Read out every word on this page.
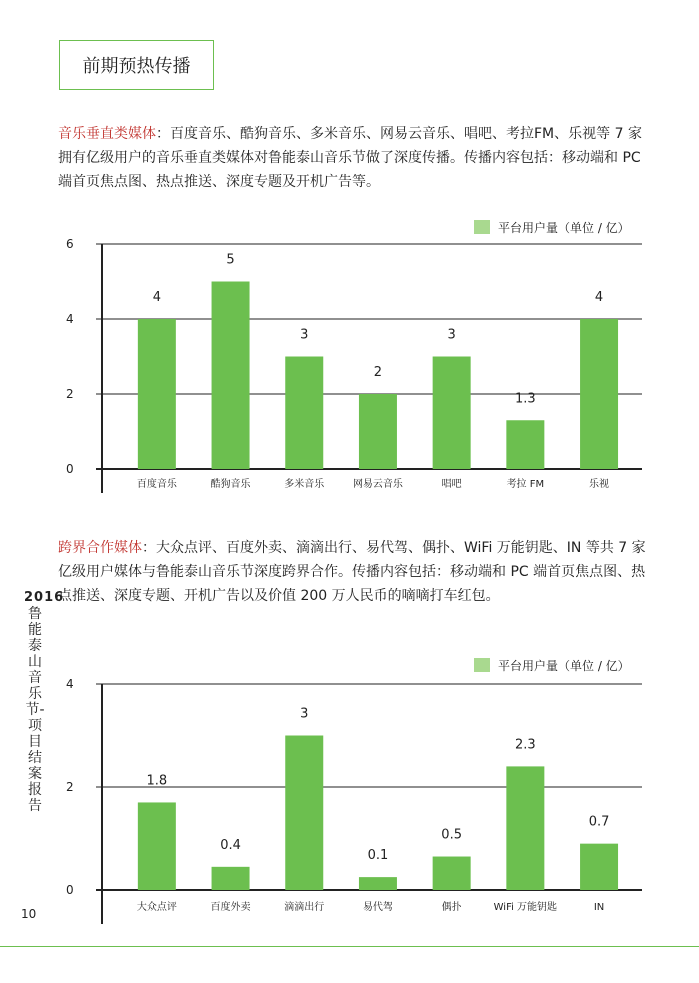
前期预热传播
音乐垂直类媒体：百度音乐、酷狗音乐、多米音乐、网易云音乐、唱吧、考拉FM、乐视等 7 家拥有亿级用户的音乐垂直类媒体对鲁能泰山音乐节做了深度传播。传播内容包括：移动端和 PC 端首页焦点图、热点推送、深度专题及开机广告等。
0
2
4
6
平台用户量（单位 / 亿）
4
百度音乐
5
酷狗音乐
3
多米音乐
2
网易云音乐
3
唱吧
1.3
考拉 FM
4
乐视
跨界合作媒体：大众点评、百度外卖、滴滴出行、易代驾、偶扑、WiFi 万能钥匙、IN 等共 7 家亿级用户媒体与鲁能泰山音乐节深度跨界合作。传播内容包括：移动端和 PC 端首页焦点图、热点推送、深度专题、开机广告以及价值 200 万人民币的嘀嘀打车红包。
0
2
4
平台用户量（单位 / 亿）
1.8
大众点评
0.4
百度外卖
3
滴滴出行
0.1
易代驾
0.5
偶扑
2.3
WiFi 万能钥匙
0.7
IN
2016
鲁能泰山音乐节-项目结案报告
10
